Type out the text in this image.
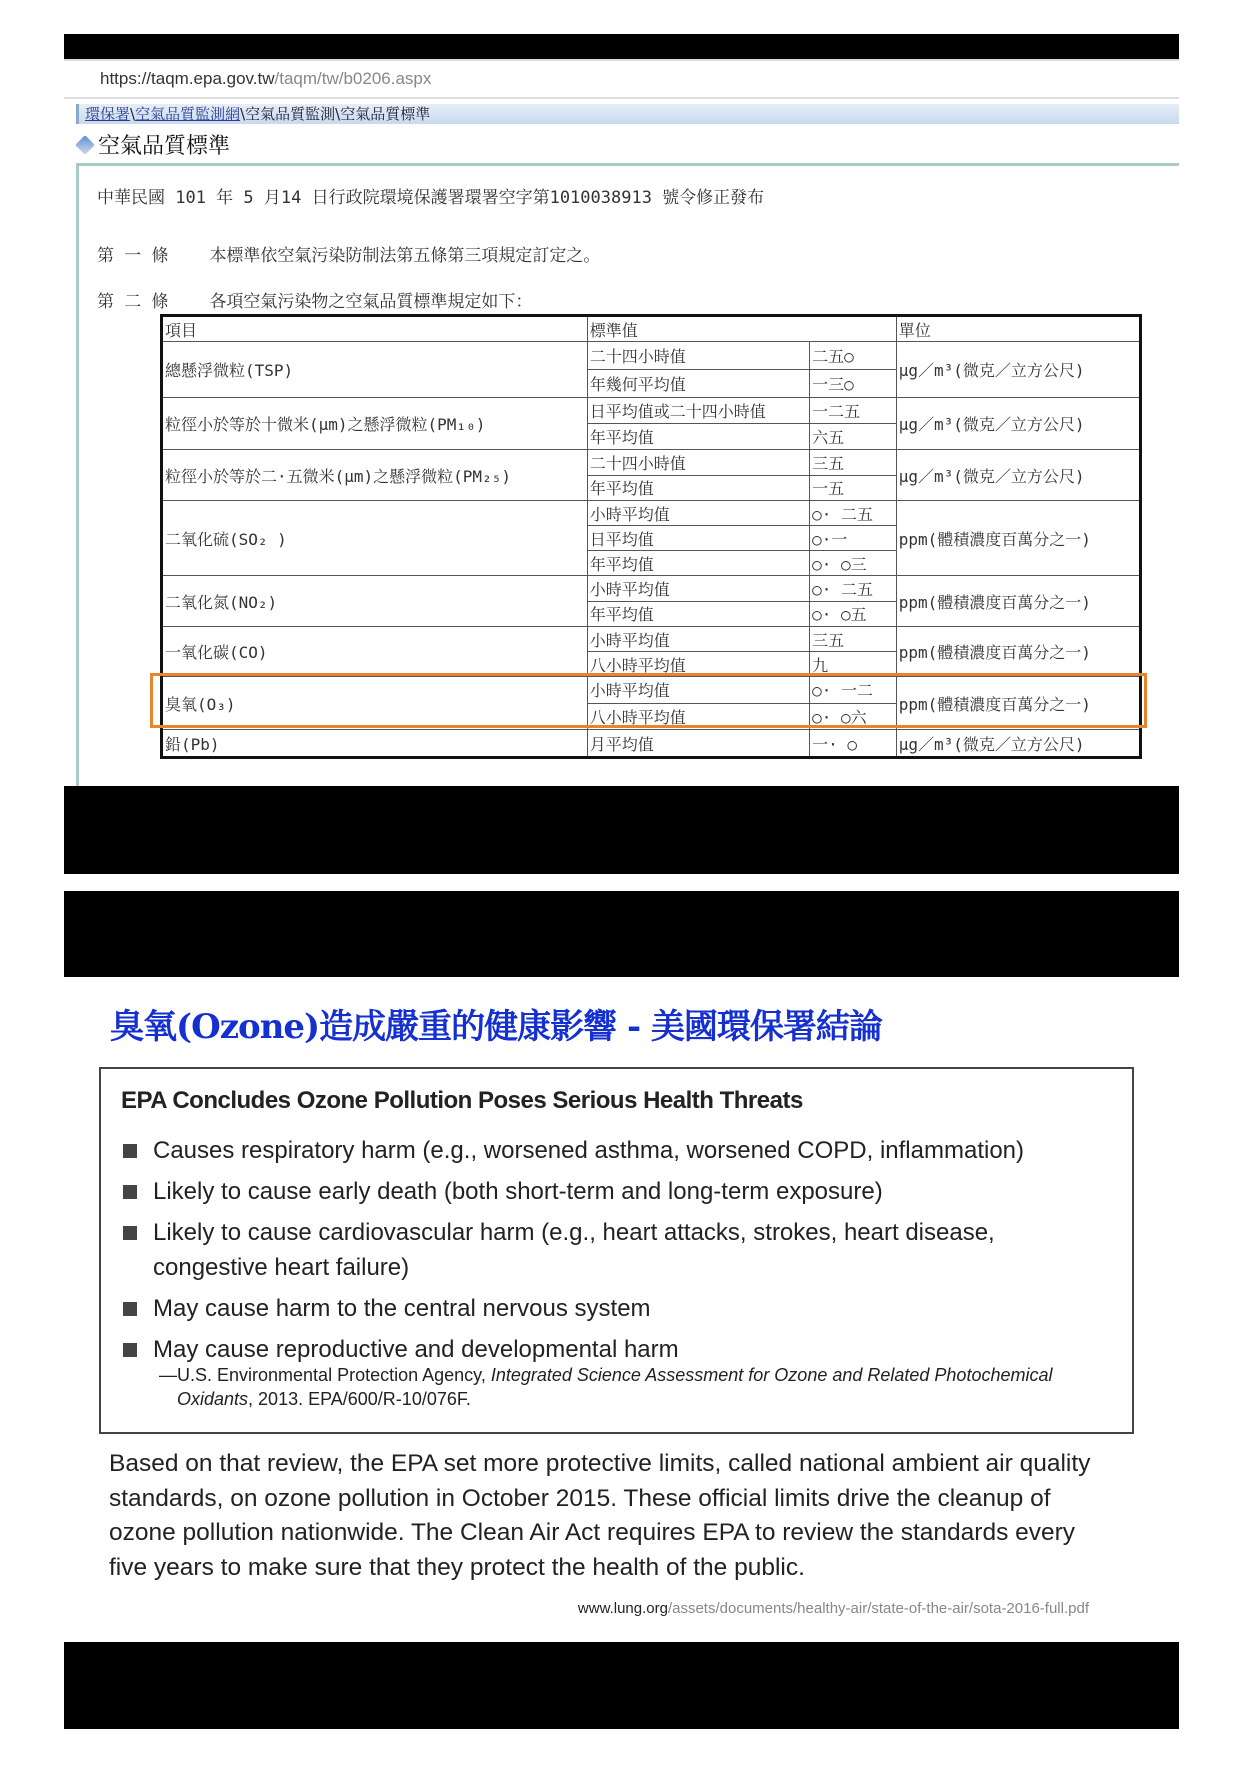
https://taqm.epa.gov.tw/taqm/tw/b0206.aspx
環保署\空氣品質監測網\空氣品質監測\空氣品質標準
空氣品質標準
中華民國 101 年 5 月14 日行政院環境保護署環署空字第1010038913 號令修正發布
第 一 條 本標準依空氣污染防制法第五條第三項規定訂定之。
第 二 條 各項空氣污染物之空氣品質標準規定如下：
項目	標準值		單位
總懸浮微粒(TSP)	二十四小時值	二五○	µg／m³(微克／立方公尺)
	年幾何平均值	一三○	
粒徑小於等於十微米(µm)之懸浮微粒(PM₁₀)	日平均值或二十四小時值	一二五	µg／m³(微克／立方公尺)
	年平均值	六五	
粒徑小於等於二·五微米(µm)之懸浮微粒(PM₂₅)	二十四小時值	三五	µg／m³(微克／立方公尺)
	年平均值	一五	
二氧化硫(SO₂ )	小時平均值	○· 二五	ppm(體積濃度百萬分之一)
	日平均值	○·一	
	年平均值	○· ○三	
二氧化氮(NO₂)	小時平均值	○· 二五	ppm(體積濃度百萬分之一)
	年平均值	○· ○五	
一氧化碳(CO)	小時平均值	三五	ppm(體積濃度百萬分之一)
	八小時平均值	九	
臭氧(O₃)	小時平均值	○· 一二	ppm(體積濃度百萬分之一)
	八小時平均值	○· ○六	
鉛(Pb)	月平均值	一· ○	µg／m³(微克／立方公尺)
臭氧(Ozone)造成嚴重的健康影響 - 美國環保署結論
EPA Concludes Ozone Pollution Poses Serious Health Threats
Causes respiratory harm (e.g., worsened asthma, worsened COPD, inflammation)
Likely to cause early death (both short-term and long-term exposure)
Likely to cause cardiovascular harm (e.g., heart attacks, strokes, heart disease, congestive heart failure)
May cause harm to the central nervous system
May cause reproductive and developmental harm
—U.S. Environmental Protection Agency, Integrated Science Assessment for Ozone and Related Photochemical Oxidants, 2013. EPA/600/R-10/076F.
Based on that review, the EPA set more protective limits, called national ambient air quality standards, on ozone pollution in October 2015. These official limits drive the cleanup of ozone pollution nationwide. The Clean Air Act requires EPA to review the standards every five years to make sure that they protect the health of the public.
www.lung.org/assets/documents/healthy-air/state-of-the-air/sota-2016-full.pdf
